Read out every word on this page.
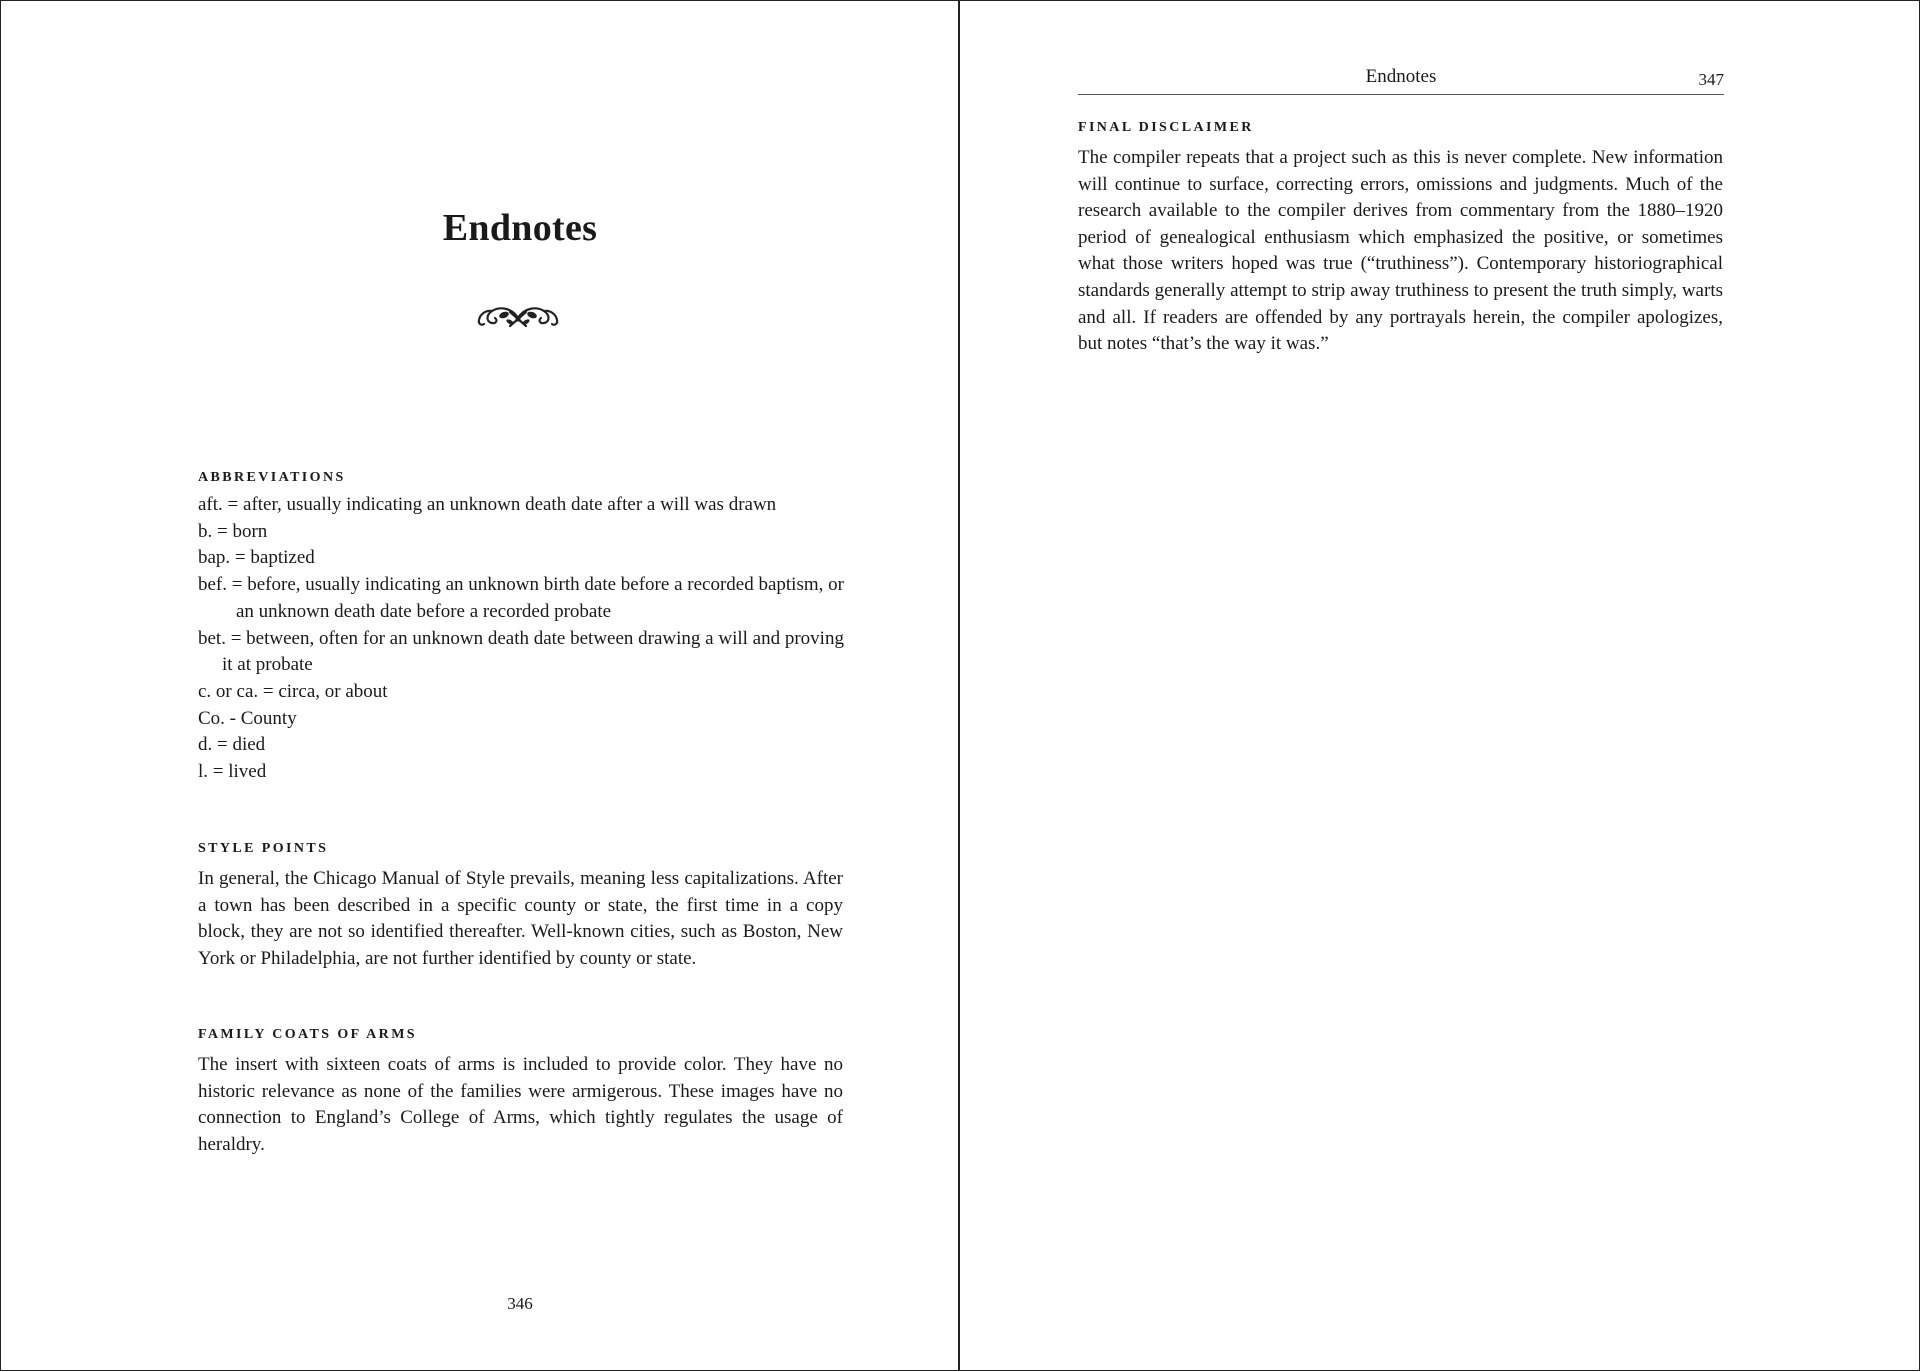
Endnotes
ABBREVIATIONS
aft. = after, usually indicating an unknown death date after a will was drawn
b. = born
bap. = baptized
bef. = before, usually indicating an unknown birth date before a recorded baptism, or an unknown death date before a recorded probate
bet. = between, often for an unknown death date between drawing a will and proving it at probate
c. or ca. = circa, or about
Co. - County
d. = died
l. = lived
STYLE POINTS
In general, the Chicago Manual of Style prevails, meaning less capitalizations. After a town has been described in a specific county or state, the first time in a copy block, they are not so identified thereafter. Well-known cities, such as Boston, New York or Philadelphia, are not further identified by county or state.
FAMILY COATS OF ARMS
The insert with sixteen coats of arms is included to provide color. They have no historic relevance as none of the families were armigerous. These images have no connection to England’s College of Arms, which tightly regulates the usage of heraldry.
346
Endnotes	347
FINAL DISCLAIMER
The compiler repeats that a project such as this is never complete. New information will continue to surface, correcting errors, omissions and judgments. Much of the research available to the compiler derives from commentary from the 1880–1920 period of genealogical enthusiasm which emphasized the positive, or sometimes what those writers hoped was true (“truthiness”). Contemporary historiographical standards generally attempt to strip away truthiness to present the truth simply, warts and all. If readers are offended by any portrayals herein, the compiler apologizes, but notes “that’s the way it was.”
